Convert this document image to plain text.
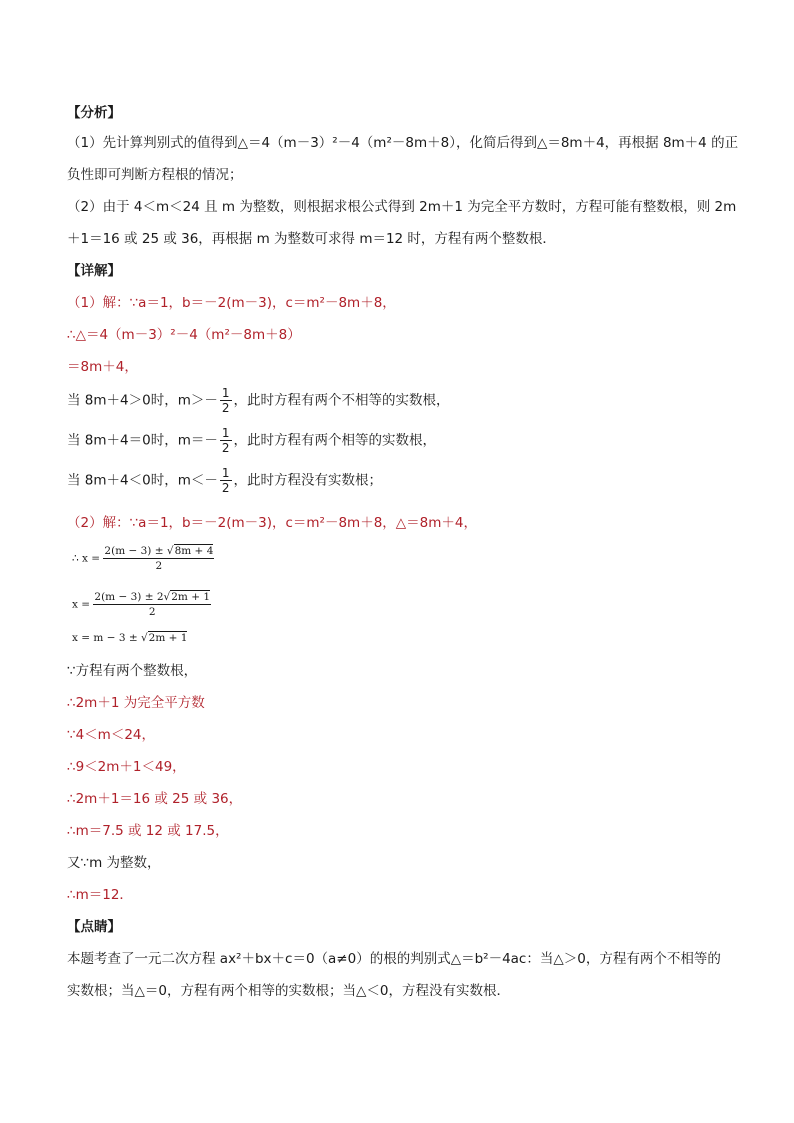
【分析】
（1）先计算判别式的值得到△＝4（m－3）²－4（m²－8m＋8），化简后得到△＝8m＋4，再根据 8m＋4 的正
负性即可判断方程根的情况；
（2）由于 4＜m＜24 且 m 为整数，则根据求根公式得到 2m＋1 为完全平方数时，方程可能有整数根，则 2m
＋1＝16 或 25 或 36，再根据 m 为整数可求得 m＝12 时，方程有两个整数根．
【详解】
（1）解：∵a＝1，b＝－2(m－3)，c＝m²－8m＋8，
∴△＝4（m－3）²－4（m²－8m＋8）
＝8m＋4，
当 8m＋4＞0时，$m>- \frac{1}{2}$ ，此时方程有两个不相等的实数根，
当 8m＋4＝0时，$m=- \frac{1}{2}$ ，此时方程有两个相等的实数根，
当 8m＋4＜0时，$m<- \frac{1}{2}$ ，此时方程没有实数根；
（2）解：∵a＝1，b＝－2(m－3)，c＝m²－8m＋8，△＝8m＋4，
∴ $x = \frac{2(m - 3) \pm √8m + 4}{2}$
$x = \frac{2(m - 3) \pm 2√2m + 1}{2}$
x = m − 3 ± √2m + 1
∵方程有两个整数根，
∴2m＋1 为完全平方数
∵4＜m＜24，
∴9＜2m＋1＜49，
∴2m＋1＝16 或 25 或 36，
∴m＝7.5 或 12 或 17.5，
又∵m 为整数，
∴m＝12．
【点睛】
本题考查了一元二次方程 ax²＋bx＋c＝0（a≠0）的根的判别式△＝b²－4ac：当△＞0，方程有两个不相等的
实数根；当△＝0，方程有两个相等的实数根；当△＜0，方程没有实数根．
